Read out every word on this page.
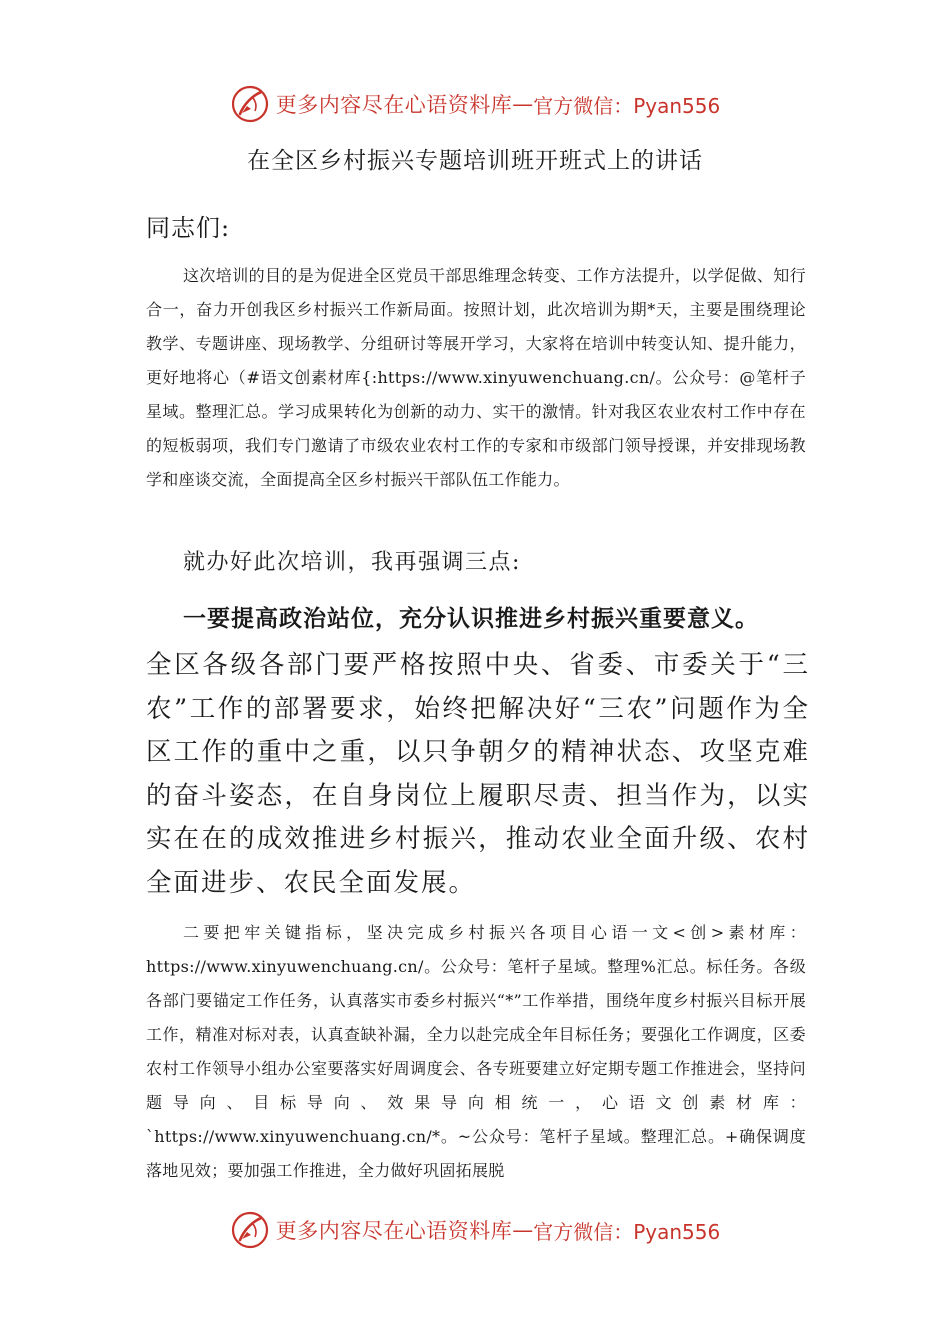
更多内容尽在心语资料库 — 官方微信：Pyan556
在全区乡村振兴专题培训班开班式上的讲话
同志们:

这次培训的目的是为促进全区党员干部思维理念转变、工作方法提升，以学促做、知行合一，奋力开创我区乡村振兴工作新局面。按照计划，此次培训为期*天，主要是围绕理论教学、专题讲座、现场教学、分组研讨等展开学习，大家将在培训中转变认知、提升能力，更好地将心（#语文创素材库{:https://www.xinyuwenchuang.cn/。公众号：@笔杆子星域。整理汇总。学习成果转化为创新的动力、实干的激情。针对我区农业农村工作中存在的短板弱项，我们专门邀请了市级农业农村工作的专家和市级部门领导授课，并安排现场教学和座谈交流，全面提高全区乡村振兴干部队伍工作能力。

就办好此次培训，我再强调三点:
一要提高政治站位，充分认识推进乡村振兴重要意义。

全区各级各部门要严格按照中央、省委、市委关于“三农”工作的部署要求，始终把解决好“三农”问题作为全区工作的重中之重，以只争朝夕的精神状态、攻坚克难的奋斗姿态，在自身岗位上履职尽责、担当作为，以实实在在的成效推进乡村振兴，推动农业全面升级、农村全面进步、农民全面发展。

二要把牢关键指标，坚决完成乡村振兴各项目心语一文<创>素材库：https://www.xinyuwenchuang.cn/。公众号：笔杆子星域。整理%汇总。标任务。各级各部门要锚定工作任务，认真落实市委乡村振兴“*”工作举措，围绕年度乡村振兴目标开展工作，精准对标对表，认真查缺补漏，全力以赴完成全年目标任务；要强化工作调度，区委农村工作领导小组办公室要落实好周调度会、各专班要建立好定期专题工作推进会，坚持问题导向、目标导向、效果导向相统一，心语文创素材库：`https://www.xinyuwenchuang.cn/*。~公众号：笔杆子星域。整理汇总。+确保调度落地见效；要加强工作推进，全力做好巩固拓展脱

更多内容尽在心语资料库 — 官方微信：Pyan556
